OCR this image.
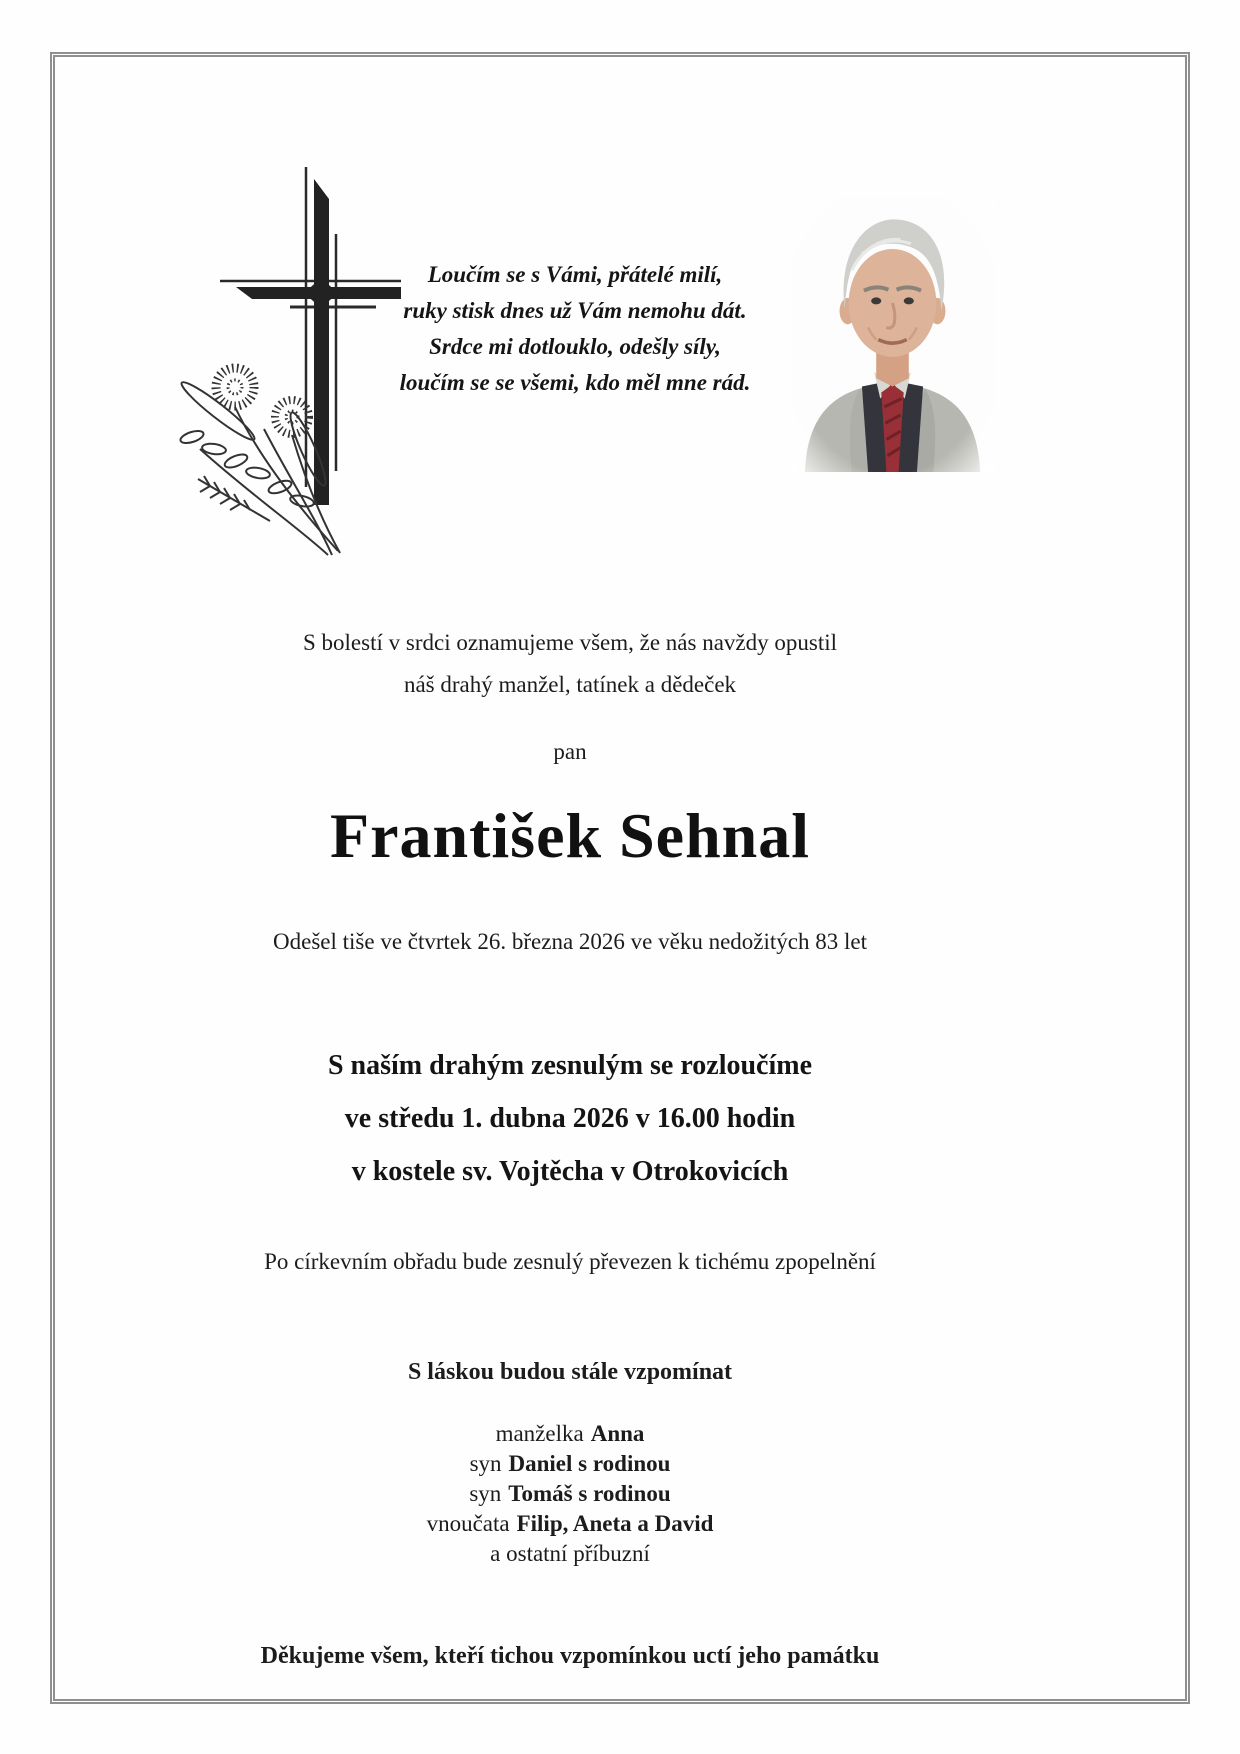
Loučím se s Vámi, přátelé milí,
ruky stisk dnes už Vám nemohu dát.
Srdce mi dotlouklo, odešly síly,
loučím se se všemi, kdo měl mne rád.
S bolestí v srdci oznamujeme všem, že nás navždy opustil
náš drahý manžel, tatínek a dědeček
pan
František Sehnal
Odešel tiše ve čtvrtek 26. března 2026 ve věku nedožitých 83 let
S naším drahým zesnulým se rozloučíme
ve středu 1. dubna 2026 v 16.00 hodin
v kostele sv. Vojtěcha v Otrokovicích
Po církevním obřadu bude zesnulý převezen k tichému zpopelnění
S láskou budou stále vzpomínat
manželka Anna
syn Daniel s rodinou
syn Tomáš s rodinou
vnoučata Filip, Aneta a David
a ostatní příbuzní
Děkujeme všem, kteří tichou vzpomínkou uctí jeho památku
